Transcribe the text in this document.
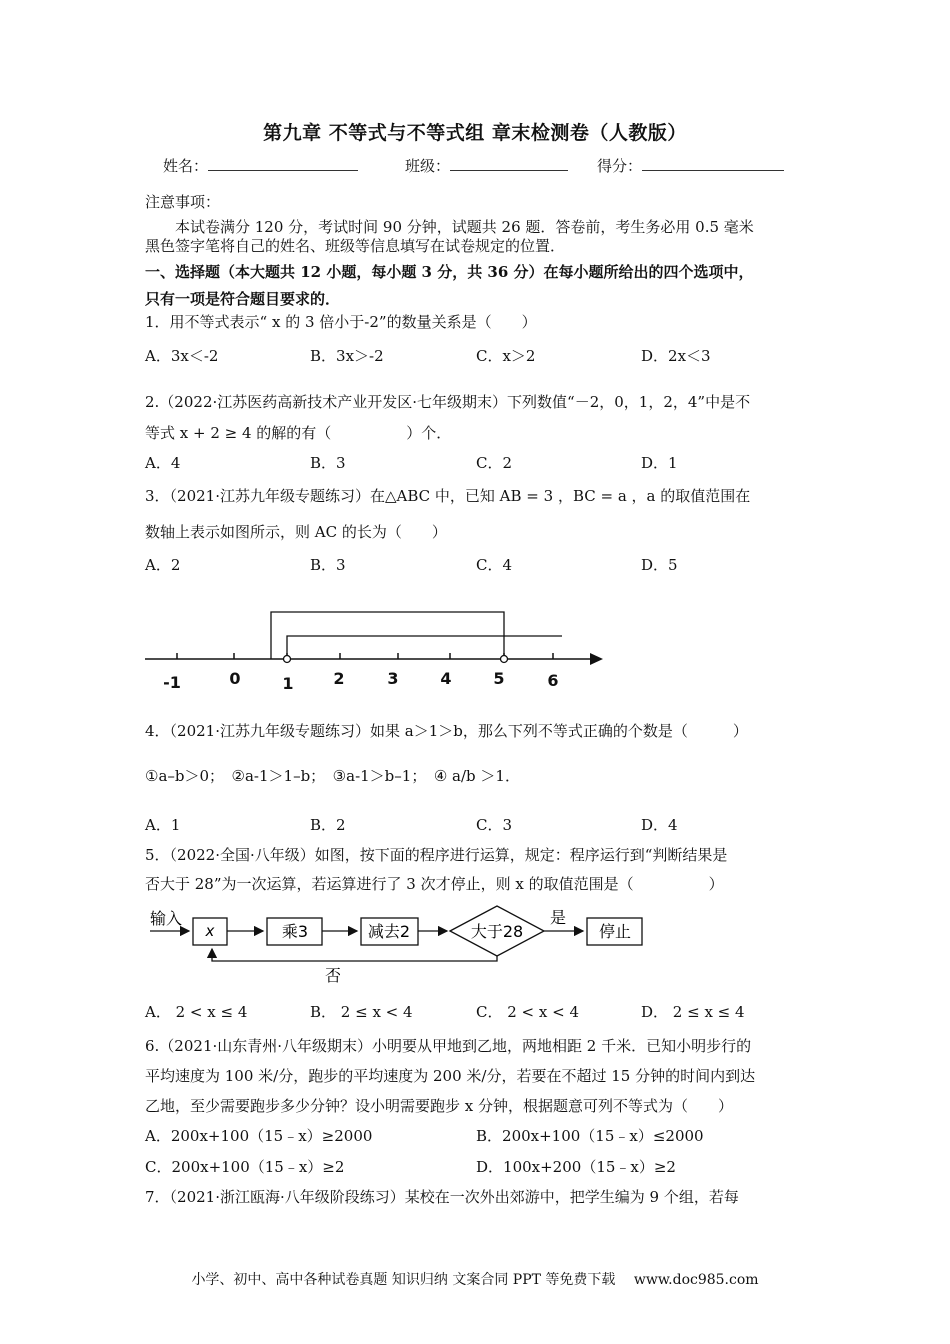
第九章 不等式与不等式组 章末检测卷（人教版）
姓名：	班级：	得分：
注意事项：
本试卷满分 120 分，考试时间 90 分钟，试题共 26 题．答卷前，考生务必用 0.5 毫米
黑色签字笔将自己的姓名、班级等信息填写在试卷规定的位置．
一、选择题（本大题共 12 小题，每小题 3 分，共 36 分）在每小题所给出的四个选项中，
只有一项是符合题目要求的．
1．用不等式表示“ x 的 3 倍小于-2”的数量关系是（　　）
A．3x＜-2	B．3x＞-2	C．x＞2	D．2x＜3
2.（2022·江苏医药高新技术产业开发区·七年级期末）下列数值“－2，0，1，2，4”中是不
等式 x + 2 ≥ 4 的解的有（　　　　　）个．
A．4	B．3	C．2	D．1
3．（2021·江苏九年级专题练习）在△ABC 中，已知 AB = 3 ，BC = a ，a 的取值范围在
数轴上表示如图所示，则 AC 的长为（　　）
A．2	B．3	C．4	D．5
-1	0	1 2	3	4	5	6
4．（2021·江苏九年级专题练习）如果 a＞1＞b，那么下列不等式正确的个数是（　　　）
①a–b＞0；　②a-1＞1–b；　③a-1＞b–1；　④ a/b ＞1．
A．1	B．2	C．3	D．4
5．（2022·全国·八年级）如图，按下面的程序进行运算，规定：程序运行到“判断结果是
否大于 28”为一次运算，若运算进行了 3 次才停止，则 x 的取值范围是（　　　　　）
输入
x	乘3	减去2	大于28
是
停止
否
A． 2 < x ≤ 4	B． 2 ≤ x < 4	C． 2 < x < 4	D． 2 ≤ x ≤ 4
6.（2021·山东青州·八年级期末）小明要从甲地到乙地，两地相距 2 千米．已知小明步行的
平均速度为 100 米/分，跑步的平均速度为 200 米/分，若要在不超过 15 分钟的时间内到达
乙地，至少需要跑步多少分钟？设小明需要跑步 x 分钟，根据题意可列不等式为（　　）
A．200x+100（15﹣x）≥2000	B．200x+100（15﹣x）≤2000
C．200x+100（15﹣x）≥2	D．100x+200（15﹣x）≥2
7．（2021·浙江瓯海·八年级阶段练习）某校在一次外出郊游中，把学生编为 9 个组，若每
小学、初中、高中各种试卷真题 知识归纳 文案合同 PPT 等免费下载　 www.doc985.com
